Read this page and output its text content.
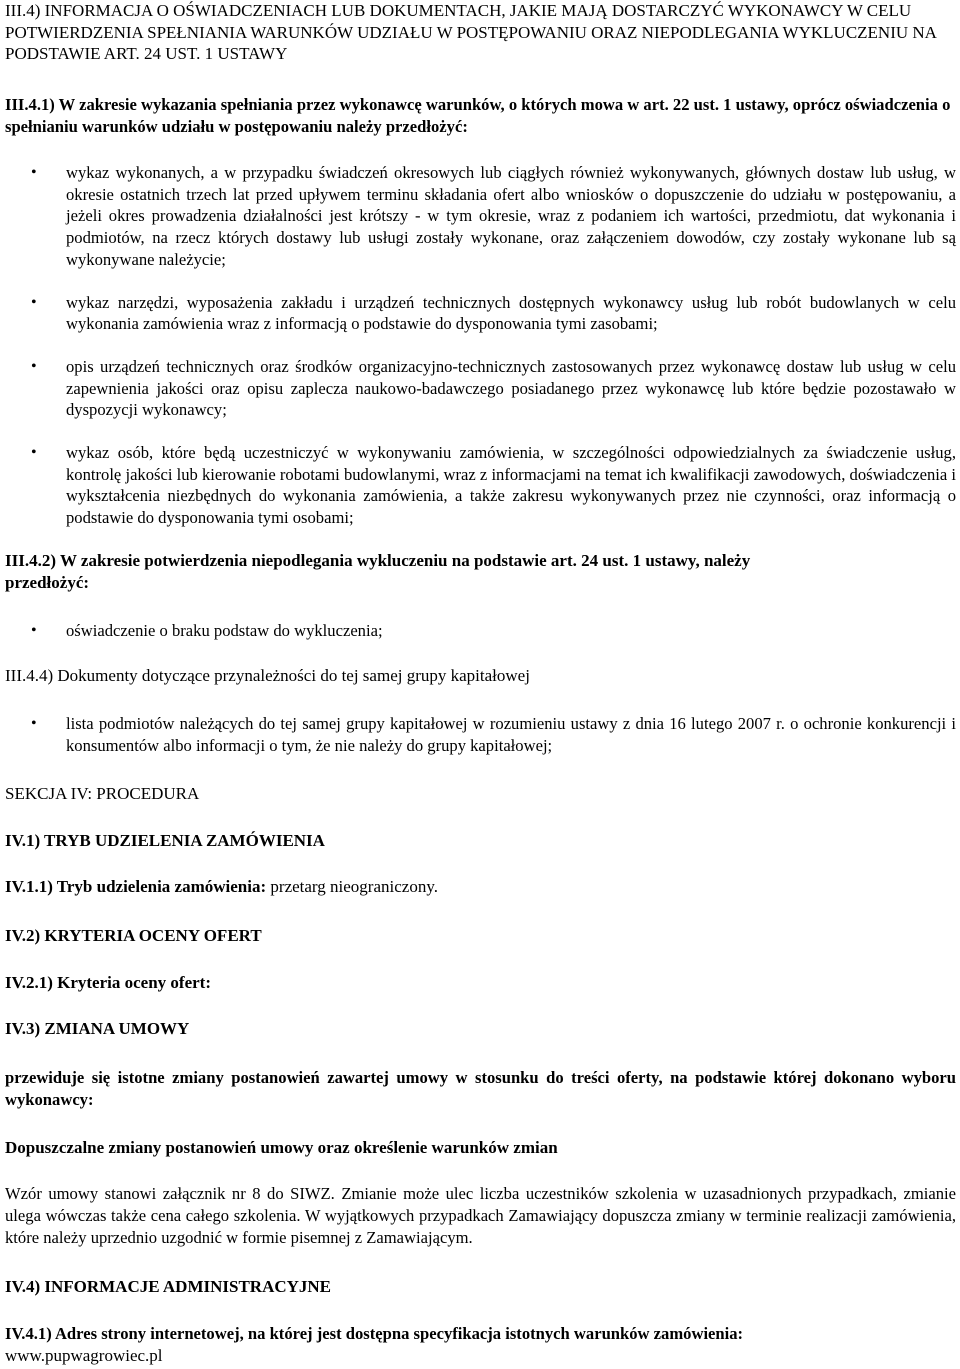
III.4) INFORMACJA O OŚWIADCZENIACH LUB DOKUMENTACH, JAKIE MAJĄ DOSTARCZYĆ WYKONAWCY W CELU POTWIERDZENIA SPEŁNIANIA WARUNKÓW UDZIAŁU W POSTĘPOWANIU ORAZ NIEPODLEGANIA WYKLUCZENIU NA PODSTAWIE ART. 24 UST. 1 USTAWY
III.4.1) W zakresie wykazania spełniania przez wykonawcę warunków, o których mowa w art. 22 ust. 1 ustawy, oprócz oświadczenia o spełnianiu warunków udziału w postępowaniu należy przedłożyć:
• wykaz wykonanych, a w przypadku świadczeń okresowych lub ciągłych również wykonywanych, głównych dostaw lub usług, w okresie ostatnich trzech lat przed upływem terminu składania ofert albo wniosków o dopuszczenie do udziału w postępowaniu, a jeżeli okres prowadzenia działalności jest krótszy - w tym okresie, wraz z podaniem ich wartości, przedmiotu, dat wykonania i podmiotów, na rzecz których dostawy lub usługi zostały wykonane, oraz załączeniem dowodów, czy zostały wykonane lub są wykonywane należycie;
• wykaz narzędzi, wyposażenia zakładu i urządzeń technicznych dostępnych wykonawcy usług lub robót budowlanych w celu wykonania zamówienia wraz z informacją o podstawie do dysponowania tymi zasobami;
• opis urządzeń technicznych oraz środków organizacyjno-technicznych zastosowanych przez wykonawcę dostaw lub usług w celu zapewnienia jakości oraz opisu zaplecza naukowo-badawczego posiadanego przez wykonawcę lub które będzie pozostawało w dyspozycji wykonawcy;
• wykaz osób, które będą uczestniczyć w wykonywaniu zamówienia, w szczególności odpowiedzialnych za świadczenie usług, kontrolę jakości lub kierowanie robotami budowlanymi, wraz z informacjami na temat ich kwalifikacji zawodowych, doświadczenia i wykształcenia niezbędnych do wykonania zamówienia, a także zakresu wykonywanych przez nie czynności, oraz informacją o podstawie do dysponowania tymi osobami;
III.4.2) W zakresie potwierdzenia niepodlegania wykluczeniu na podstawie art. 24 ust. 1 ustawy, należy
przedłożyć:
• oświadczenie o braku podstaw do wykluczenia;
III.4.4) Dokumenty dotyczące przynależności do tej samej grupy kapitałowej
• lista podmiotów należących do tej samej grupy kapitałowej w rozumieniu ustawy z dnia 16 lutego 2007 r. o ochronie konkurencji i konsumentów albo informacji o tym, że nie należy do grupy kapitałowej;
SEKCJA IV: PROCEDURA
IV.1) TRYB UDZIELENIA ZAMÓWIENIA
IV.1.1) Tryb udzielenia zamówienia: przetarg nieograniczony.
IV.2) KRYTERIA OCENY OFERT
IV.2.1) Kryteria oceny ofert:
IV.3) ZMIANA UMOWY
przewiduje się istotne zmiany postanowień zawartej umowy w stosunku do treści oferty, na podstawie której dokonano wyboru wykonawcy:
Dopuszczalne zmiany postanowień umowy oraz określenie warunków zmian
Wzór umowy stanowi załącznik nr 8 do SIWZ. Zmianie może ulec liczba uczestników szkolenia w uzasadnionych przypadkach, zmianie ulega wówczas także cena całego szkolenia. W wyjątkowych przypadkach Zamawiający dopuszcza zmiany w terminie realizacji zamówienia, które należy uprzednio uzgodnić w formie pisemnej z Zamawiającym.
IV.4) INFORMACJE ADMINISTRACYJNE
IV.4.1) Adres strony internetowej, na której jest dostępna specyfikacja istotnych warunków zamówienia:
www.pupwagrowiec.pl
